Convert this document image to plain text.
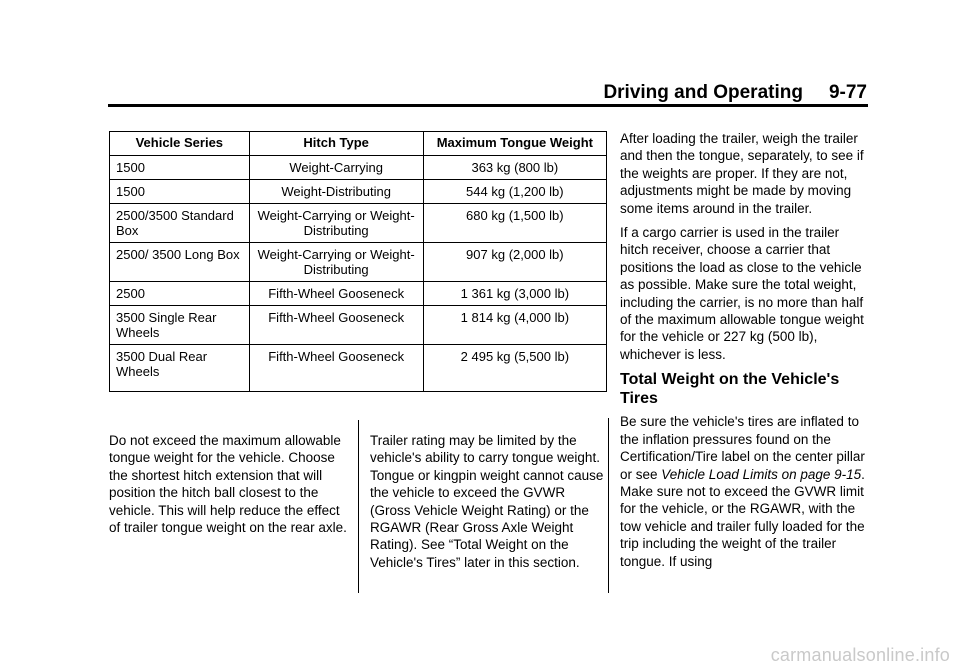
Driving and Operating 9-77
Vehicle Series	Hitch Type	Maximum Tongue Weight
1500	Weight-Carrying	363 kg (800 lb)
1500	Weight-Distributing	544 kg (1,200 lb)
2500/3500 Standard Box	Weight-Carrying or Weight-Distributing	680 kg (1,500 lb)
2500/ 3500 Long Box	Weight-Carrying or Weight-Distributing	907 kg (2,000 lb)
2500	Fifth-Wheel Gooseneck	1 361 kg (3,000 lb)
3500 Single Rear Wheels	Fifth-Wheel Gooseneck	1 814 kg (4,000 lb)
3500 Dual Rear Wheels	Fifth-Wheel Gooseneck	2 495 kg (5,500 lb)

Do not exceed the maximum allowable tongue weight for the vehicle. Choose the shortest hitch extension that will position the hitch ball closest to the vehicle. This will help reduce the effect of trailer tongue weight on the rear axle.

Trailer rating may be limited by the vehicle's ability to carry tongue weight. Tongue or kingpin weight cannot cause the vehicle to exceed the GVWR (Gross Vehicle Weight Rating) or the RGAWR (Rear Gross Axle Weight Rating). See “Total Weight on the Vehicle's Tires” later in this section.

After loading the trailer, weigh the trailer and then the tongue, separately, to see if the weights are proper. If they are not, adjustments might be made by moving some items around in the trailer.

If a cargo carrier is used in the trailer hitch receiver, choose a carrier that positions the load as close to the vehicle as possible. Make sure the total weight, including the carrier, is no more than half of the maximum allowable tongue weight for the vehicle or 227 kg (500 lb), whichever is less.

Total Weight on the Vehicle's Tires

Be sure the vehicle's tires are inflated to the inflation pressures found on the Certification/Tire label on the center pillar or see Vehicle Load Limits on page 9-15. Make sure not to exceed the GVWR limit for the vehicle, or the RGAWR, with the tow vehicle and trailer fully loaded for the trip including the weight of the trailer tongue. If using

carmanualsonline.info
